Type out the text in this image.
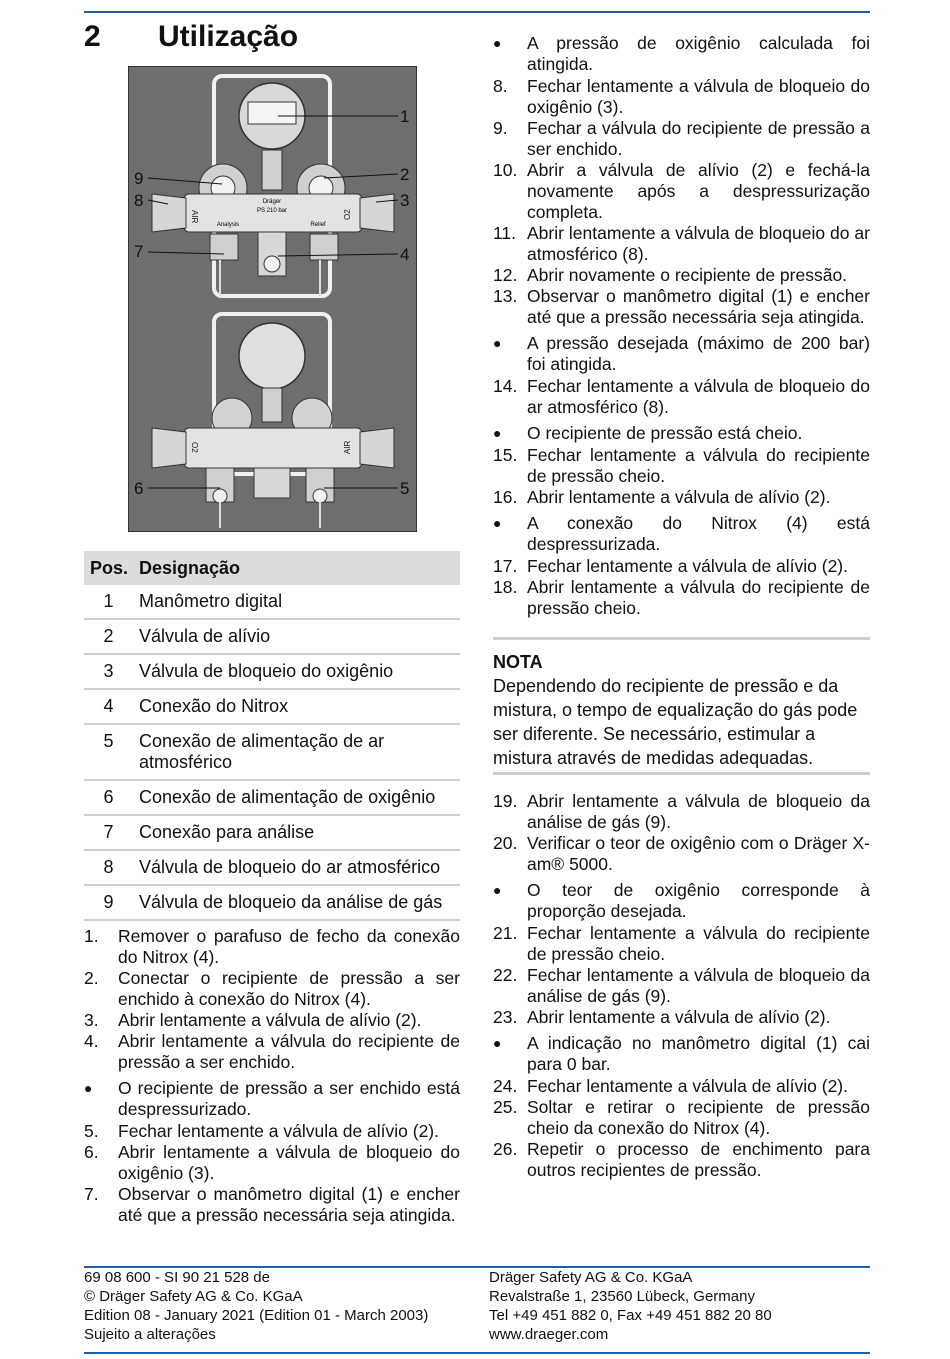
2	Utilização
Dräger
PS 210 bar
Analysis	Relief
1
2
3
4
5
6
7
8
9
AIR	O2
O2	AIR
Pos.	Designação
1	Manômetro digital
2	Válvula de alívio
3	Válvula de bloqueio do oxigênio
4	Conexão do Nitrox
5	Conexão de alimentação de ar atmosférico
6	Conexão de alimentação de oxigênio
7	Conexão para análise
8	Válvula de bloqueio do ar atmosférico
9	Válvula de bloqueio da análise de gás
1.	Remover o parafuso de fecho da conexão do Nitrox (4).
2.	Conectar o recipiente de pressão a ser enchido à conexão do Nitrox (4).
3.	Abrir lentamente a válvula de alívio (2).
4.	Abrir lentamente a válvula do recipiente de pressão a ser enchido.
●	O recipiente de pressão a ser enchido está despressurizado.
5.	Fechar lentamente a válvula de alívio (2).
6.	Abrir lentamente a válvula de bloqueio do oxigênio (3).
7.	Observar o manômetro digital (1) e encher até que a pressão necessária seja atingida.
●	A pressão de oxigênio calculada foi atingida.
8.	Fechar lentamente a válvula de bloqueio do oxigênio (3).
9.	Fechar a válvula do recipiente de pressão a ser enchido.
10. Abrir a válvula de alívio (2) e fechá-la novamente após a despressurização completa.
11. Abrir lentamente a válvula de bloqueio do ar atmosférico (8).
12. Abrir novamente o recipiente de pressão.
13. Observar o manômetro digital (1) e encher até que a pressão necessária seja atingida.
●	A pressão desejada (máximo de 200 bar) foi atingida.
14. Fechar lentamente a válvula de bloqueio do ar atmosférico (8).
●	O recipiente de pressão está cheio.
15. Fechar lentamente a válvula do recipiente de pressão cheio.
16. Abrir lentamente a válvula de alívio (2).
●	A conexão do Nitrox (4) está despressurizada.
17. Fechar lentamente a válvula de alívio (2).
18. Abrir lentamente a válvula do recipiente de pressão cheio.
NOTA
Dependendo do recipiente de pressão e da mistura, o tempo de equalização do gás pode ser diferente. Se necessário, estimular a mistura através de medidas adequadas.
19. Abrir lentamente a válvula de bloqueio da análise de gás (9).
20. Verificar o teor de oxigênio com o Dräger X-am® 5000.
●	O teor de oxigênio corresponde à proporção desejada.
21. Fechar lentamente a válvula do recipiente de pressão cheio.
22. Fechar lentamente a válvula de bloqueio da análise de gás (9).
23. Abrir lentamente a válvula de alívio (2).
●	A indicação no manômetro digital (1) cai para 0 bar.
24. Fechar lentamente a válvula de alívio (2).
25. Soltar e retirar o recipiente de pressão cheio da conexão do Nitrox (4).
26. Repetir o processo de enchimento para outros recipientes de pressão.
69 08 600 - SI 90 21 528 de
© Dräger Safety AG & Co. KGaA
Edition 08 - January 2021 (Edition 01 - March 2003)
Sujeito a alterações
Dräger Safety AG & Co. KGaA
Revalstraße 1, 23560 Lübeck, Germany
Tel +49 451 882 0, Fax +49 451 882 20 80
www.draeger.com
